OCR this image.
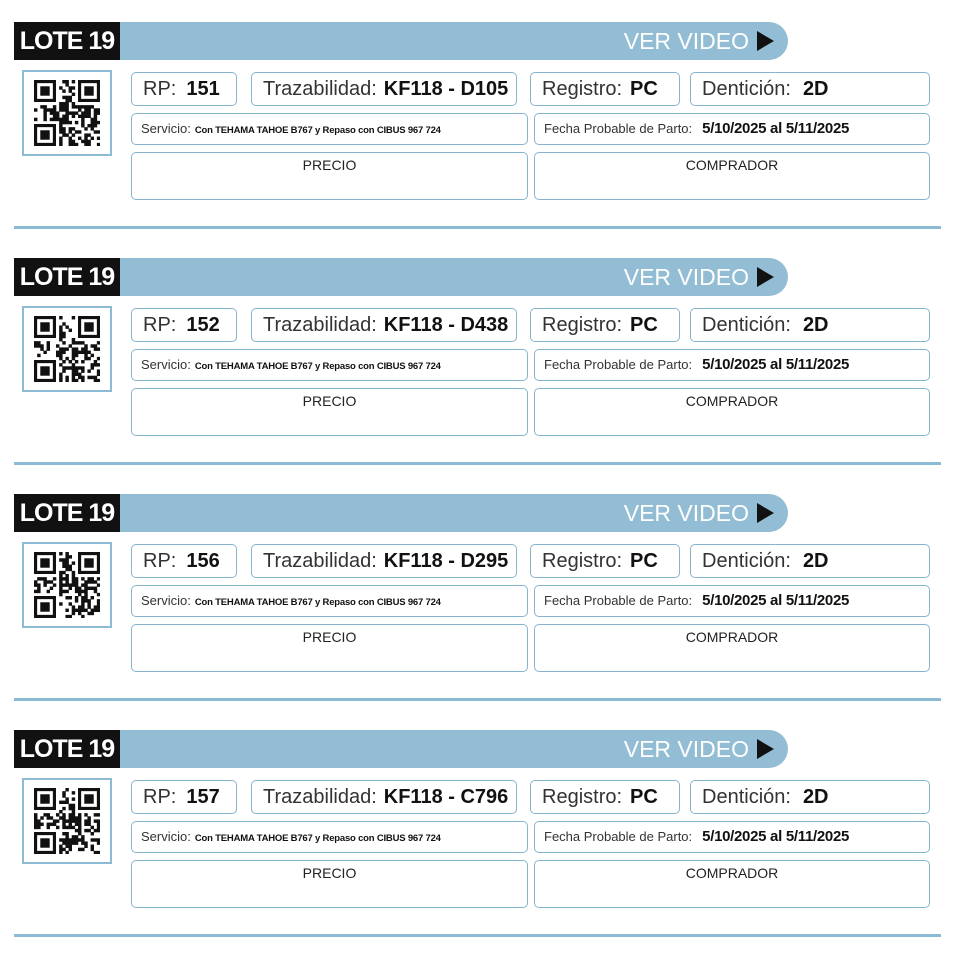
LOTE 19	VER VIDEO
RP: 151	Trazabilidad: KF118 - D105	Registro: PC	Dentición: 2D
Servicio: Con TEHAMA TAHOE B767 y Repaso con CIBUS 967 724	Fecha Probable de Parto: 5/10/2025 al 5/11/2025
PRECIO	COMPRADOR
LOTE 19	VER VIDEO
RP: 152	Trazabilidad: KF118 - D438	Registro: PC	Dentición: 2D
Servicio: Con TEHAMA TAHOE B767 y Repaso con CIBUS 967 724	Fecha Probable de Parto: 5/10/2025 al 5/11/2025
PRECIO	COMPRADOR
LOTE 19	VER VIDEO
RP: 156	Trazabilidad: KF118 - D295	Registro: PC	Dentición: 2D
Servicio: Con TEHAMA TAHOE B767 y Repaso con CIBUS 967 724	Fecha Probable de Parto: 5/10/2025 al 5/11/2025
PRECIO	COMPRADOR
LOTE 19	VER VIDEO
RP: 157	Trazabilidad: KF118 - C796	Registro: PC	Dentición: 2D
Servicio: Con TEHAMA TAHOE B767 y Repaso con CIBUS 967 724	Fecha Probable de Parto: 5/10/2025 al 5/11/2025
PRECIO	COMPRADOR
